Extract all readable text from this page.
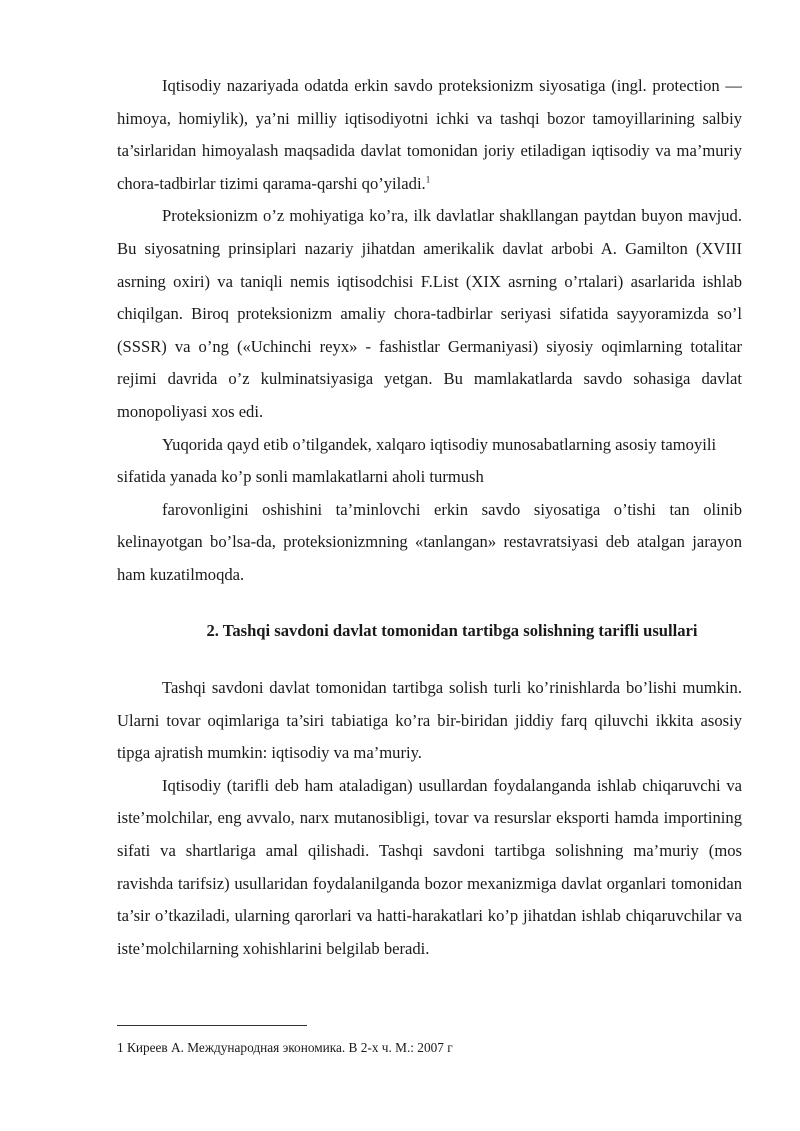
Iqtisodiy nazariyada odatda erkin savdo proteksionizm siyosatiga (ingl. protection — himoya, homiylik), ya’ni milliy iqtisodiyotni ichki va tashqi bozor tamoyillarining salbiy ta’sirlaridan himoyalash maqsadida davlat tomonidan joriy etiladigan iqtisodiy va ma’muriy chora-tadbirlar tizimi qarama-qarshi qo’yiladi.$^1$

Proteksionizm o’z mohiyatiga ko’ra, ilk davlatlar shakllangan paytdan buyon mavjud. Bu siyosatning prinsiplari nazariy jihatdan amerikalik davlat arbobi A. Gamilton (XVIII asrning oxiri) va taniqli nemis iqtisodchisi F.List (XIX asrning o’rtalari) asarlarida ishlab chiqilgan. Biroq proteksionizm amaliy chora-tadbirlar seriyasi sifatida sayyoramizda so’l (SSSR) va o’ng («Uchinchi reyx» - fashistlar Germaniyasi) siyosiy oqimlarning totalitar rejimi davrida o’z kulminatsiyasiga yetgan. Bu mamlakatlarda savdo sohasiga davlat monopoliyasi xos edi.

Yuqorida qayd etib o’tilgandek, xalqaro iqtisodiy munosabatlarning asosiy tamoyili sifatida yanada ko’p sonli mamlakatlarni aholi turmush

farovonligini oshishini ta’minlovchi erkin savdo siyosatiga o’tishi tan olinib kelinayotgan bo’lsa-da, proteksionizmning «tanlangan» restavratsiyasi deb atalgan jarayon ham kuzatilmoqda.

2. Tashqi savdoni davlat tomonidan tartibga solishning tarifli usullari

Tashqi savdoni davlat tomonidan tartibga solish turli ko’rinishlarda bo’lishi mumkin. Ularni tovar oqimlariga ta’siri tabiatiga ko’ra bir-biridan jiddiy farq qiluvchi ikkita asosiy tipga ajratish mumkin: iqtisodiy va ma’muriy.

Iqtisodiy (tarifli deb ham ataladigan) usullardan foydalanganda ishlab chiqaruvchi va iste’molchilar, eng avvalo, narx mutanosibligi, tovar va resurslar eksporti hamda importining sifati va shartlariga amal qilishadi. Tashqi savdoni tartibga solishning ma’muriy (mos ravishda tarifsiz) usullaridan foydalanilganda bozor mexanizmiga davlat organlari tomonidan ta’sir o’tkaziladi, ularning qarorlari va hatti-harakatlari ko’p jihatdan ishlab chiqaruvchilar va iste’molchilarning xohishlarini belgilab beradi.

1 Киреев А. Международная экономика. В 2-х ч. М.: 2007 г
